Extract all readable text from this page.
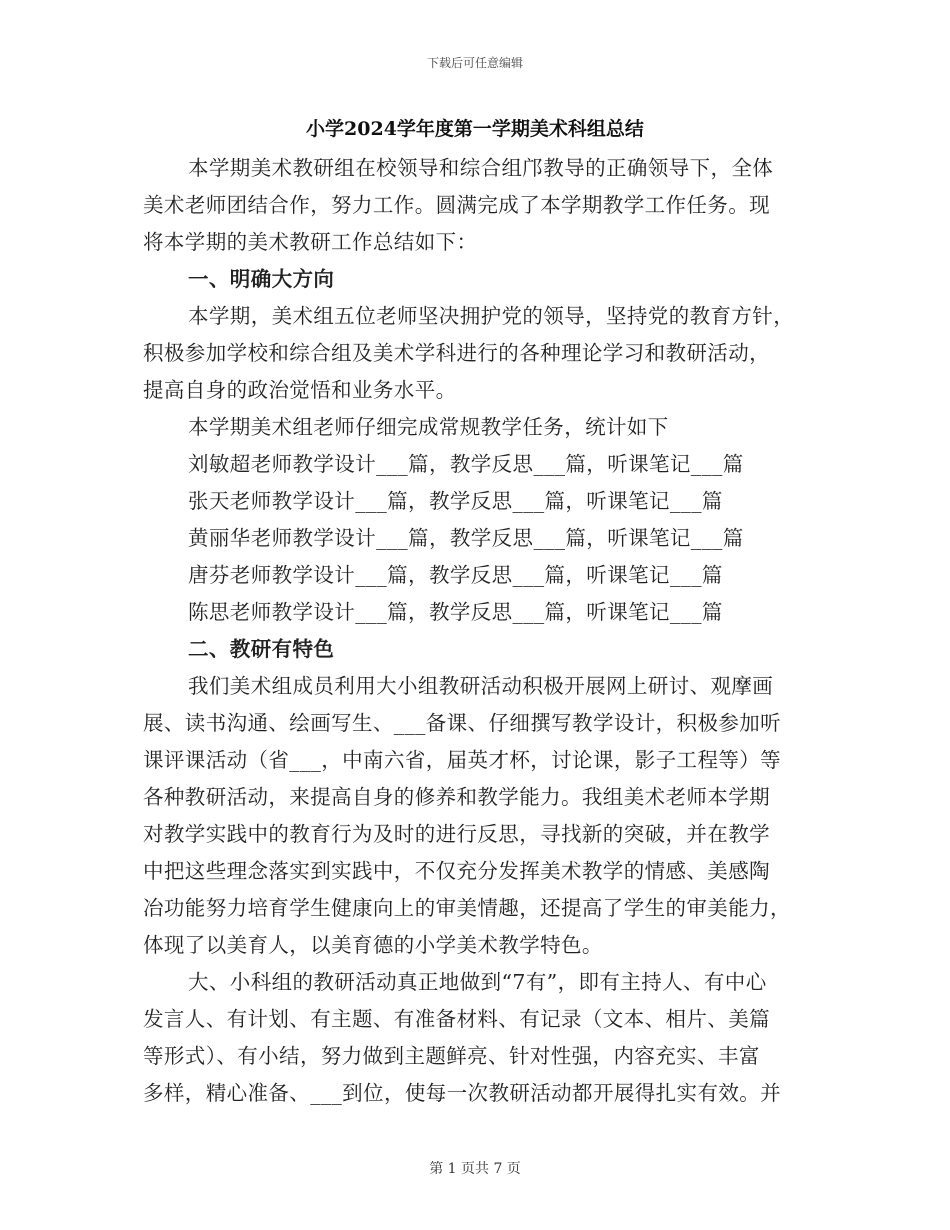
下载后可任意编辑
小学2024学年度第一学期美术科组总结
本学期美术教研组在校领导和综合组邝教导的正确领导下，全体
美术老师团结合作，努力工作。圆满完成了本学期教学工作任务。现
将本学期的美术教研工作总结如下：
一、明确大方向
本学期，美术组五位老师坚决拥护党的领导，坚持党的教育方针，
积极参加学校和综合组及美术学科进行的各种理论学习和教研活动，
提高自身的政治觉悟和业务水平。
本学期美术组老师仔细完成常规教学任务，统计如下
刘敏超老师教学设计___篇，教学反思___篇，听课笔记___篇
张天老师教学设计___篇，教学反思___篇，听课笔记___篇
黄丽华老师教学设计___篇，教学反思___篇，听课笔记___篇
唐芬老师教学设计___篇，教学反思___篇，听课笔记___篇
陈思老师教学设计___篇，教学反思___篇，听课笔记___篇
二、教研有特色
我们美术组成员利用大小组教研活动积极开展网上研讨、观摩画
展、读书沟通、绘画写生、___备课、仔细撰写教学设计，积极参加听
课评课活动（省___，中南六省，届英才杯，讨论课，影子工程等）等
各种教研活动，来提高自身的修养和教学能力。我组美术老师本学期
对教学实践中的教育行为及时的进行反思，寻找新的突破，并在教学
中把这些理念落实到实践中，不仅充分发挥美术教学的情感、美感陶
冶功能努力培育学生健康向上的审美情趣，还提高了学生的审美能力，
体现了以美育人，以美育德的小学美术教学特色。
大、小科组的教研活动真正地做到“7有”，即有主持人、有中心
发言人、有计划、有主题、有准备材料、有记录（文本、相片、美篇
等形式）、有小结，努力做到主题鲜亮、针对性强，内容充实、丰富
多样，精心准备、___到位，使每一次教研活动都开展得扎实有效。并
第 1 页共 7 页
